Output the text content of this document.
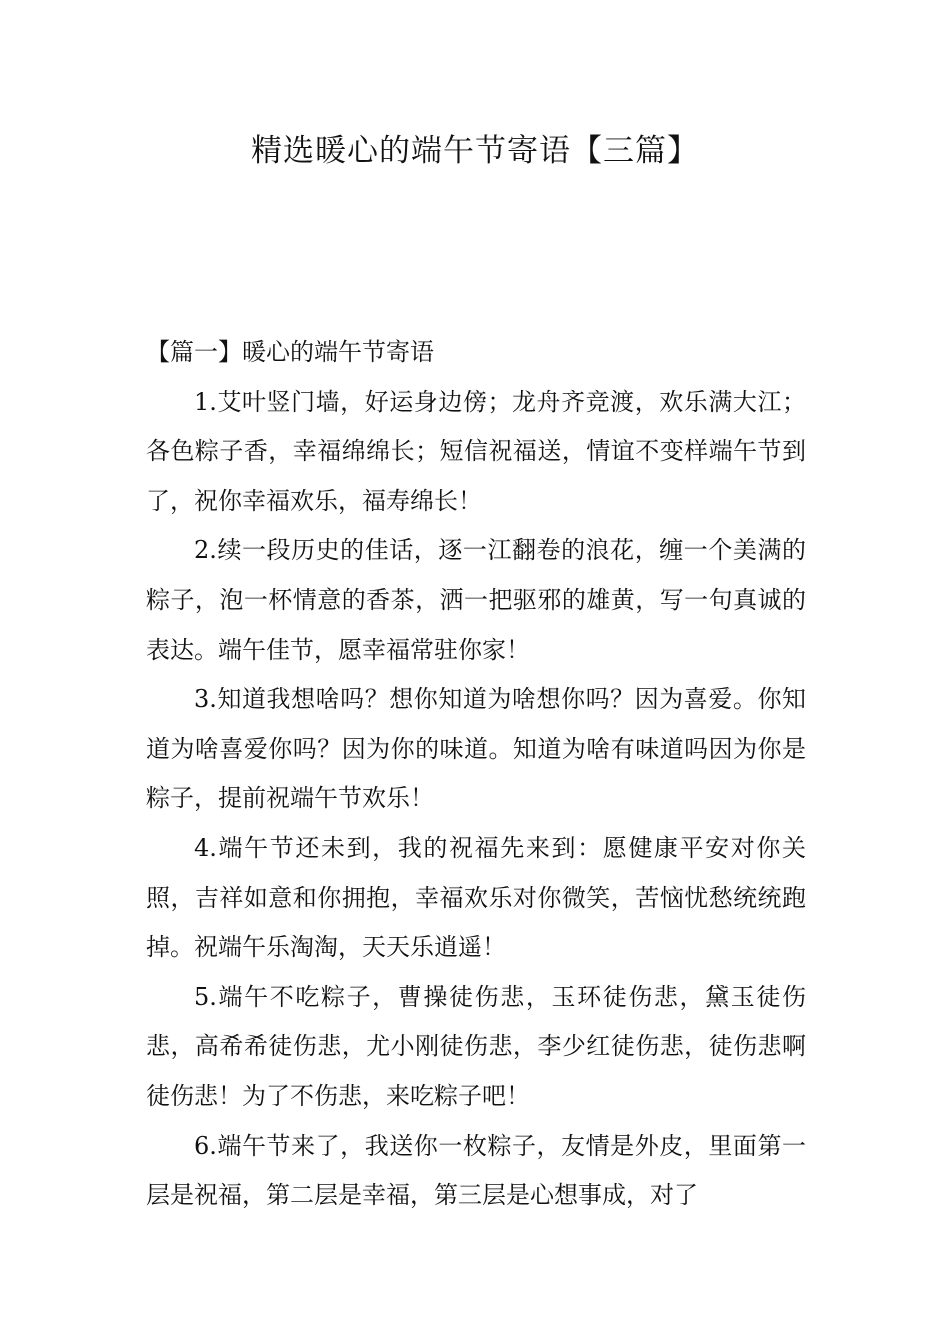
精选暖心的端午节寄语【三篇】

【篇一】暖心的端午节寄语

1.艾叶竖门墙，好运身边傍；龙舟齐竞渡，欢乐满大江；各色粽子香，幸福绵绵长；短信祝福送，情谊不变样端午节到了，祝你幸福欢乐，福寿绵长！

2.续一段历史的佳话，逐一江翻卷的浪花，缠一个美满的粽子，泡一杯情意的香茶，洒一把驱邪的雄黄，写一句真诚的表达。端午佳节，愿幸福常驻你家！

3.知道我想啥吗？想你知道为啥想你吗？因为喜爱。你知道为啥喜爱你吗？因为你的味道。知道为啥有味道吗因为你是粽子，提前祝端午节欢乐！

4.端午节还未到，我的祝福先来到：愿健康平安对你关照，吉祥如意和你拥抱，幸福欢乐对你微笑，苦恼忧愁统统跑掉。祝端午乐淘淘，天天乐逍遥！

5.端午不吃粽子，曹操徒伤悲，玉环徒伤悲，黛玉徒伤悲，高希希徒伤悲，尤小刚徒伤悲，李少红徒伤悲，徒伤悲啊徒伤悲！为了不伤悲，来吃粽子吧！

6.端午节来了，我送你一枚粽子，友情是外皮，里面第一层是祝福，第二层是幸福，第三层是心想事成，对了
